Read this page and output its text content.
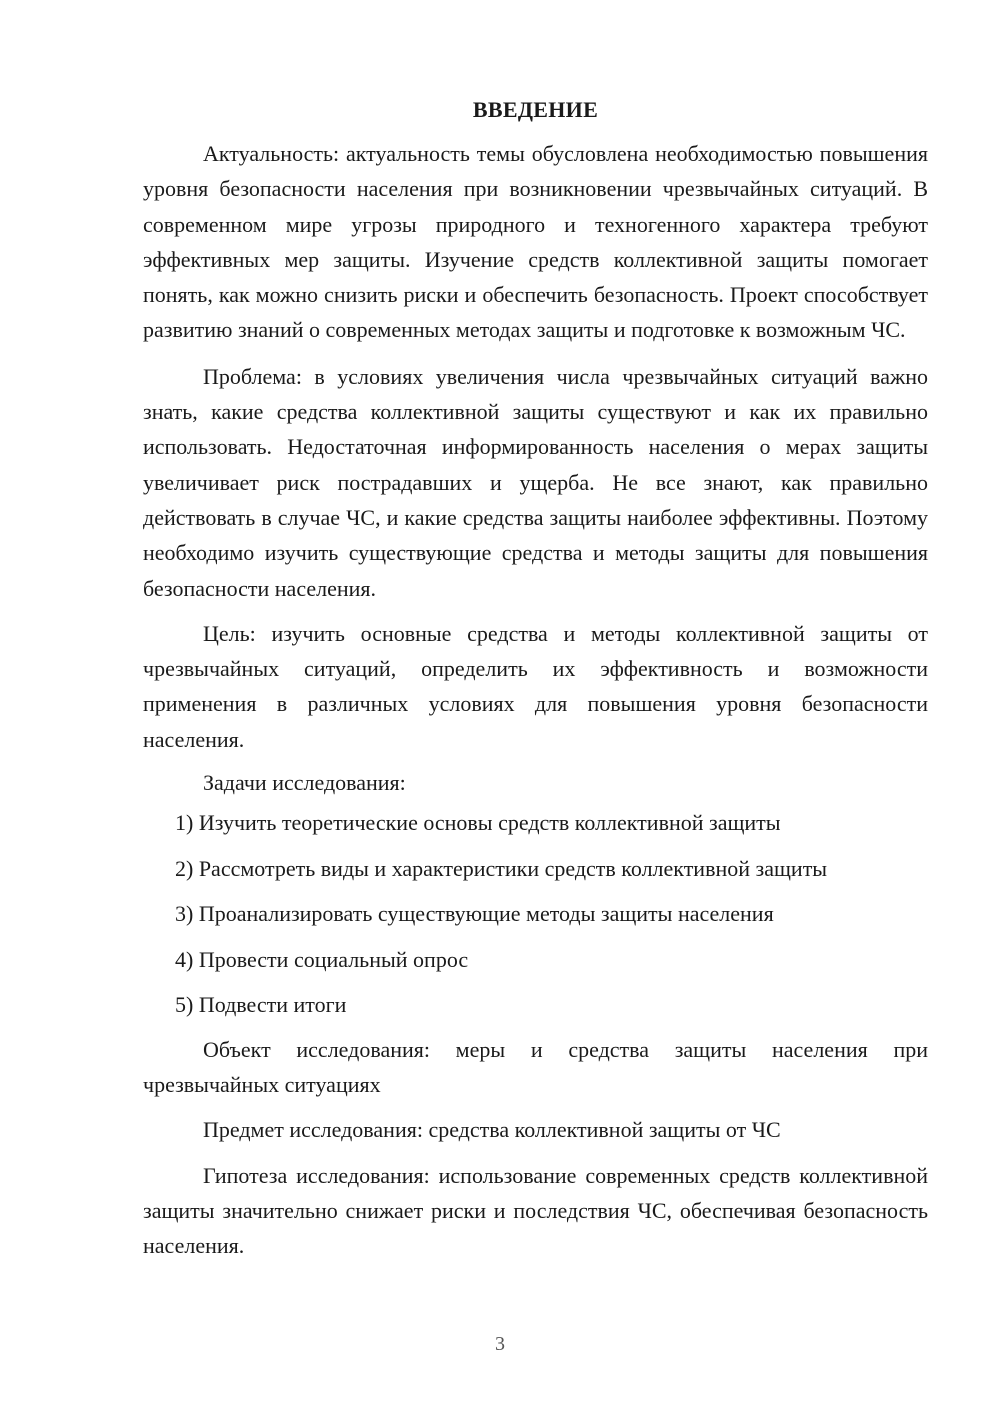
ВВЕДЕНИЕ

Актуальность: актуальность темы обусловлена необходимостью повышения уровня безопасности населения при возникновении чрезвычайных ситуаций. В современном мире угрозы природного и техногенного характера требуют эффективных мер защиты. Изучение средств коллективной защиты помогает понять, как можно снизить риски и обеспечить безопасность. Проект способствует развитию знаний о современных методах защиты и подготовке к возможным ЧС.

Проблема: в условиях увеличения числа чрезвычайных ситуаций важно знать, какие средства коллективной защиты существуют и как их правильно использовать. Недостаточная информированность населения о мерах защиты увеличивает риск пострадавших и ущерба. Не все знают, как правильно действовать в случае ЧС, и какие средства защиты наиболее эффективны. Поэтому необходимо изучить существующие средства и методы защиты для повышения безопасности населения.

Цель: изучить основные средства и методы коллективной защиты от чрезвычайных ситуаций, определить их эффективность и возможности применения в различных условиях для повышения уровня безопасности населения.

Задачи исследования:

1) Изучить теоретические основы средств коллективной защиты

2) Рассмотреть виды и характеристики средств коллективной защиты

3) Проанализировать существующие методы защиты населения

4) Провести социальный опрос

5) Подвести итоги

Объект исследования: меры и средства защиты населения при чрезвычайных ситуациях

Предмет исследования: средства коллективной защиты от ЧС

Гипотеза исследования: использование современных средств коллективной защиты значительно снижает риски и последствия ЧС, обеспечивая безопасность населения.

3
